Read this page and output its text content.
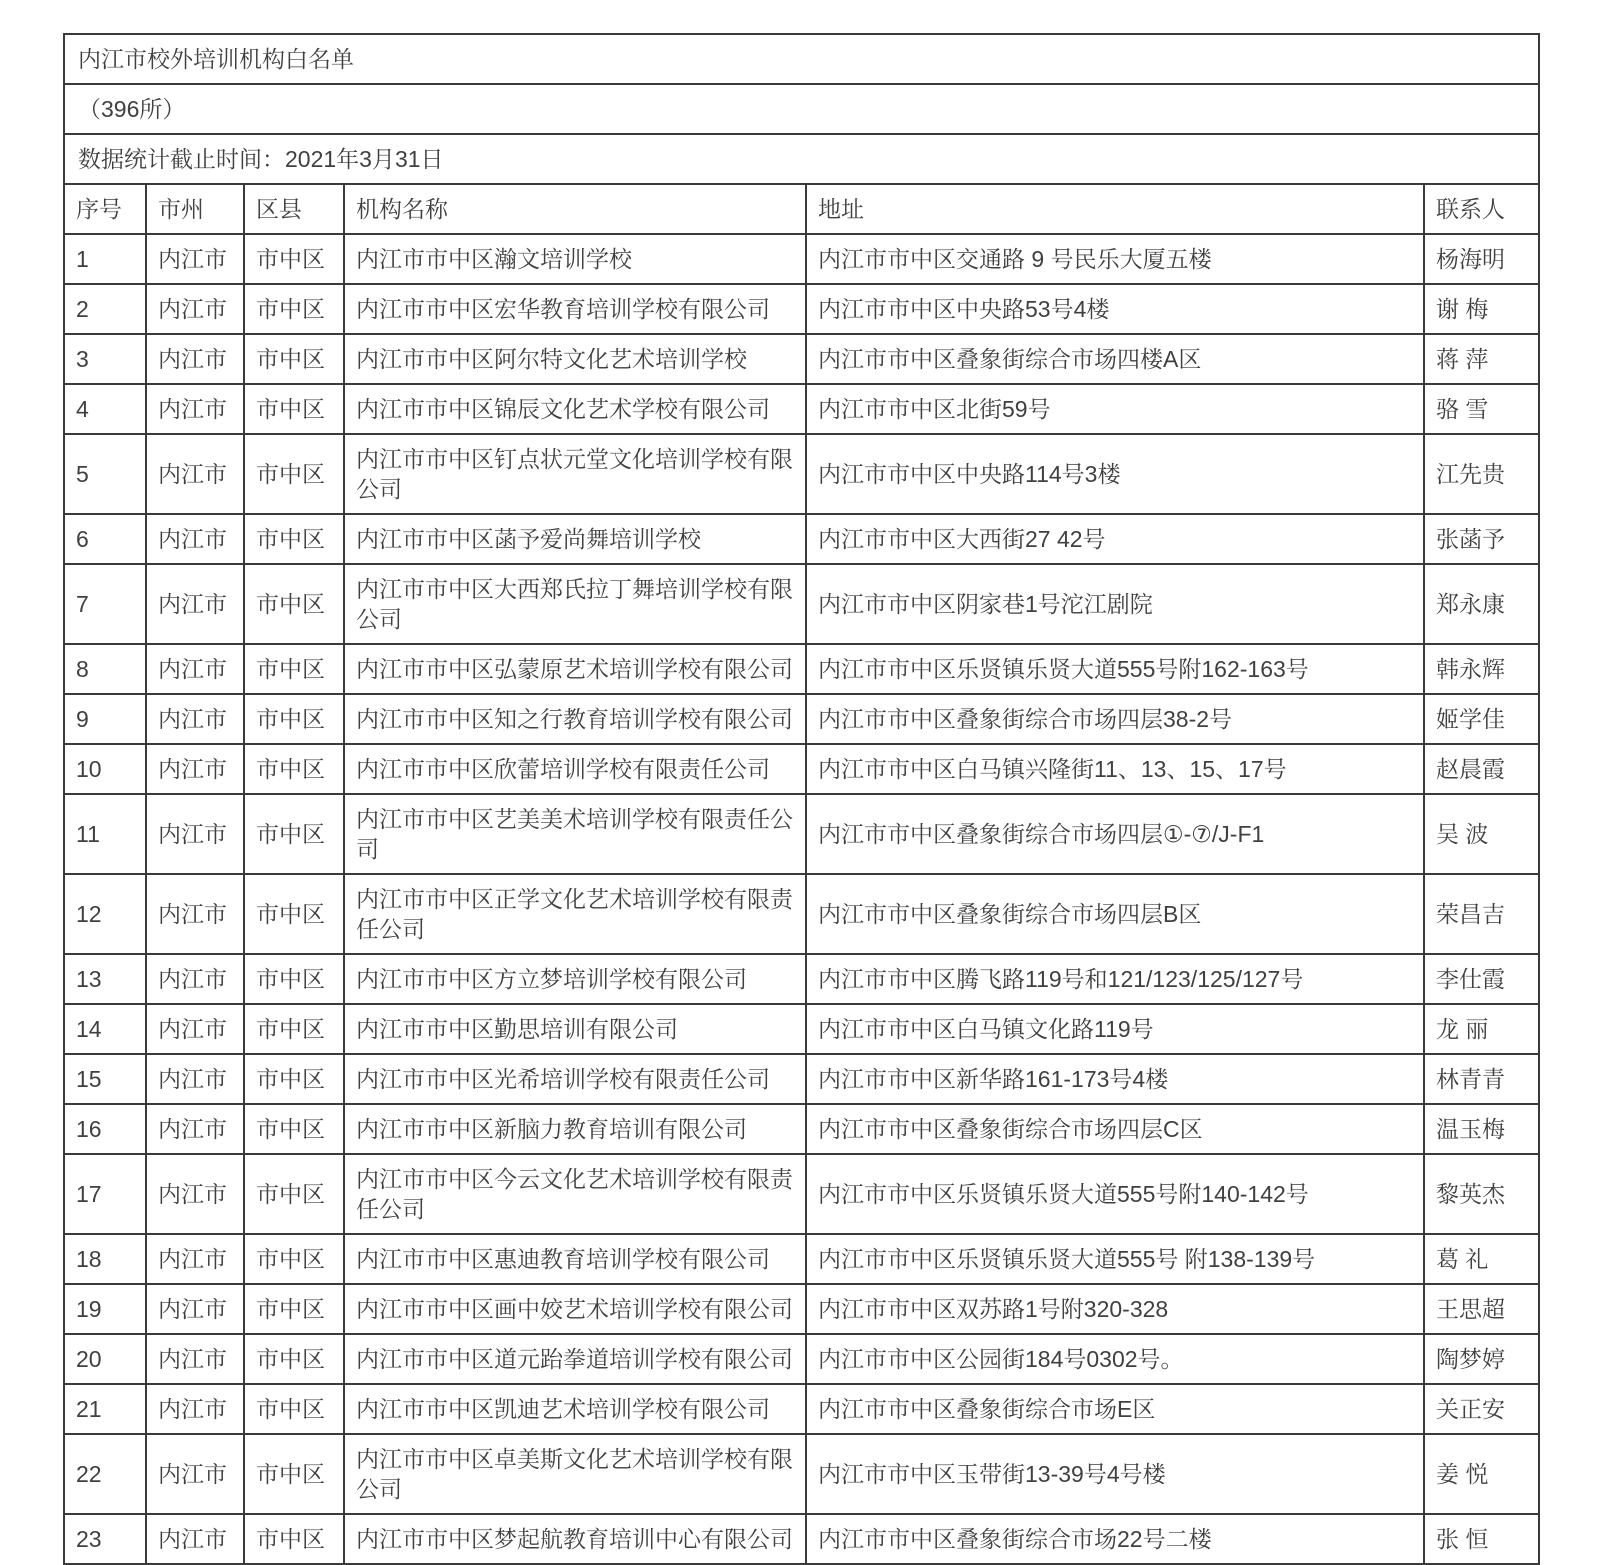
内江市校外培训机构白名单					
（396所）					
数据统计截止时间：2021年3月31日					
序号	市州	区县	机构名称	地址	联系人
1	内江市	市中区	内江市市中区瀚文培训学校	内江市市中区交通路 9 号民乐大厦五楼	杨海明
2	内江市	市中区	内江市市中区宏华教育培训学校有限公司	内江市市中区中央路53号4楼	谢 梅
3	内江市	市中区	内江市市中区阿尔特文化艺术培训学校	内江市市中区叠象街综合市场四楼A区	蒋 萍
4	内江市	市中区	内江市市中区锦辰文化艺术学校有限公司	内江市市中区北街59号	骆 雪
5	内江市	市中区	内江市市中区钉点状元堂文化培训学校有限公司	内江市市中区中央路114号3楼	江先贵
6	内江市	市中区	内江市市中区菡予爱尚舞培训学校	内江市市中区大西街27 42号	张菡予
7	内江市	市中区	内江市市中区大西郑氏拉丁舞培训学校有限公司	内江市市中区阴家巷1号沱江剧院	郑永康
8	内江市	市中区	内江市市中区弘蒙原艺术培训学校有限公司	内江市市中区乐贤镇乐贤大道555号附162-163号	韩永辉
9	内江市	市中区	内江市市中区知之行教育培训学校有限公司	内江市市中区叠象街综合市场四层38-2号	姬学佳
10	内江市	市中区	内江市市中区欣蕾培训学校有限责任公司	内江市市中区白马镇兴隆街11、13、15、17号	赵晨霞
11	内江市	市中区	内江市市中区艺美美术培训学校有限责任公司	内江市市中区叠象街综合市场四层①-⑦/J-F1	吴 波
12	内江市	市中区	内江市市中区正学文化艺术培训学校有限责任公司	内江市市中区叠象街综合市场四层B区	荣昌吉
13	内江市	市中区	内江市市中区方立梦培训学校有限公司	内江市市中区腾飞路119号和121/123/125/127号	李仕霞
14	内江市	市中区	内江市市中区勤思培训有限公司	内江市市中区白马镇文化路119号	龙 丽
15	内江市	市中区	内江市市中区光希培训学校有限责任公司	内江市市中区新华路161-173号4楼	林青青
16	内江市	市中区	内江市市中区新脑力教育培训有限公司	内江市市中区叠象街综合市场四层C区	温玉梅
17	内江市	市中区	内江市市中区今云文化艺术培训学校有限责任公司	内江市市中区乐贤镇乐贤大道555号附140-142号	黎英杰
18	内江市	市中区	内江市市中区惠迪教育培训学校有限公司	内江市市中区乐贤镇乐贤大道555号 附138-139号	葛 礼
19	内江市	市中区	内江市市中区画中姣艺术培训学校有限公司	内江市市中区双苏路1号附320-328	王思超
20	内江市	市中区	内江市市中区道元跆拳道培训学校有限公司	内江市市中区公园街184号0302号。	陶梦婷
21	内江市	市中区	内江市市中区凯迪艺术培训学校有限公司	内江市市中区叠象街综合市场E区	关正安
22	内江市	市中区	内江市市中区卓美斯文化艺术培训学校有限公司	内江市市中区玉带街13-39号4号楼	姜 悦
23	内江市	市中区	内江市市中区梦起航教育培训中心有限公司	内江市市中区叠象街综合市场22号二楼	张 恒
